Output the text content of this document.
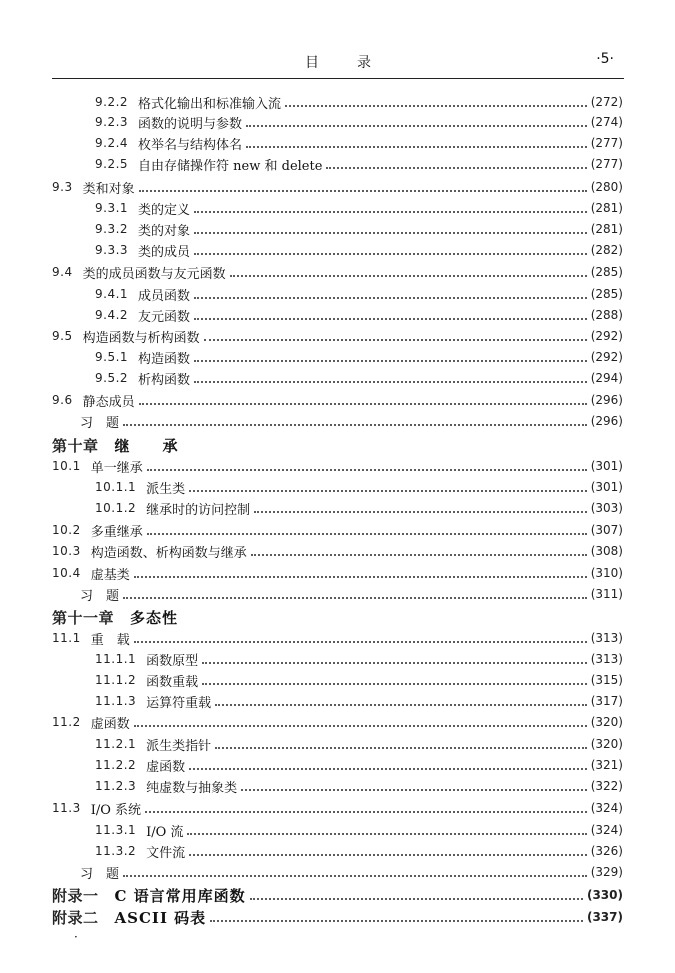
目录	·5·
9.2.2 格式化输出和标准输入流	(272)
9.2.3 函数的说明与参数	(274)
9.2.4 枚举名与结构体名	(277)
9.2.5 自由存储操作符 new 和 delete	(277)
9.3 类和对象	(280)
9.3.1 类的定义	(281)
9.3.2 类的对象	(281)
9.3.3 类的成员	(282)
9.4 类的成员函数与友元函数	(285)
9.4.1 成员函数	(285)
9.4.2 友元函数	(288)
9.5 构造函数与析构函数	(292)
9.5.1 构造函数	(292)
9.5.2 析构函数	(294)
9.6 静态成员	(296)
习　题	(296)
第十章	继　　承
10.1 单一继承	(301)
10.1.1 派生类	(301)
10.1.2 继承时的访问控制	(303)
10.2 多重继承	(307)
10.3 构造函数、析构函数与继承	(308)
10.4 虚基类	(310)
习　题	(311)
第十一章	多态性
11.1 重　载	(313)
11.1.1 函数原型	(313)
11.1.2 函数重载	(315)
11.1.3 运算符重载	(317)
11.2 虚函数	(320)
11.2.1 派生类指针	(320)
11.2.2 虚函数	(321)
11.2.3 纯虚数与抽象类	(322)
11.3 I/O 系统	(324)
11.3.1 I/O 流	(324)
11.3.2 文件流	(326)
习　题	(329)
附录一	C 语言常用库函数	(330)
附录二	ASCII 码表	(337)
·
